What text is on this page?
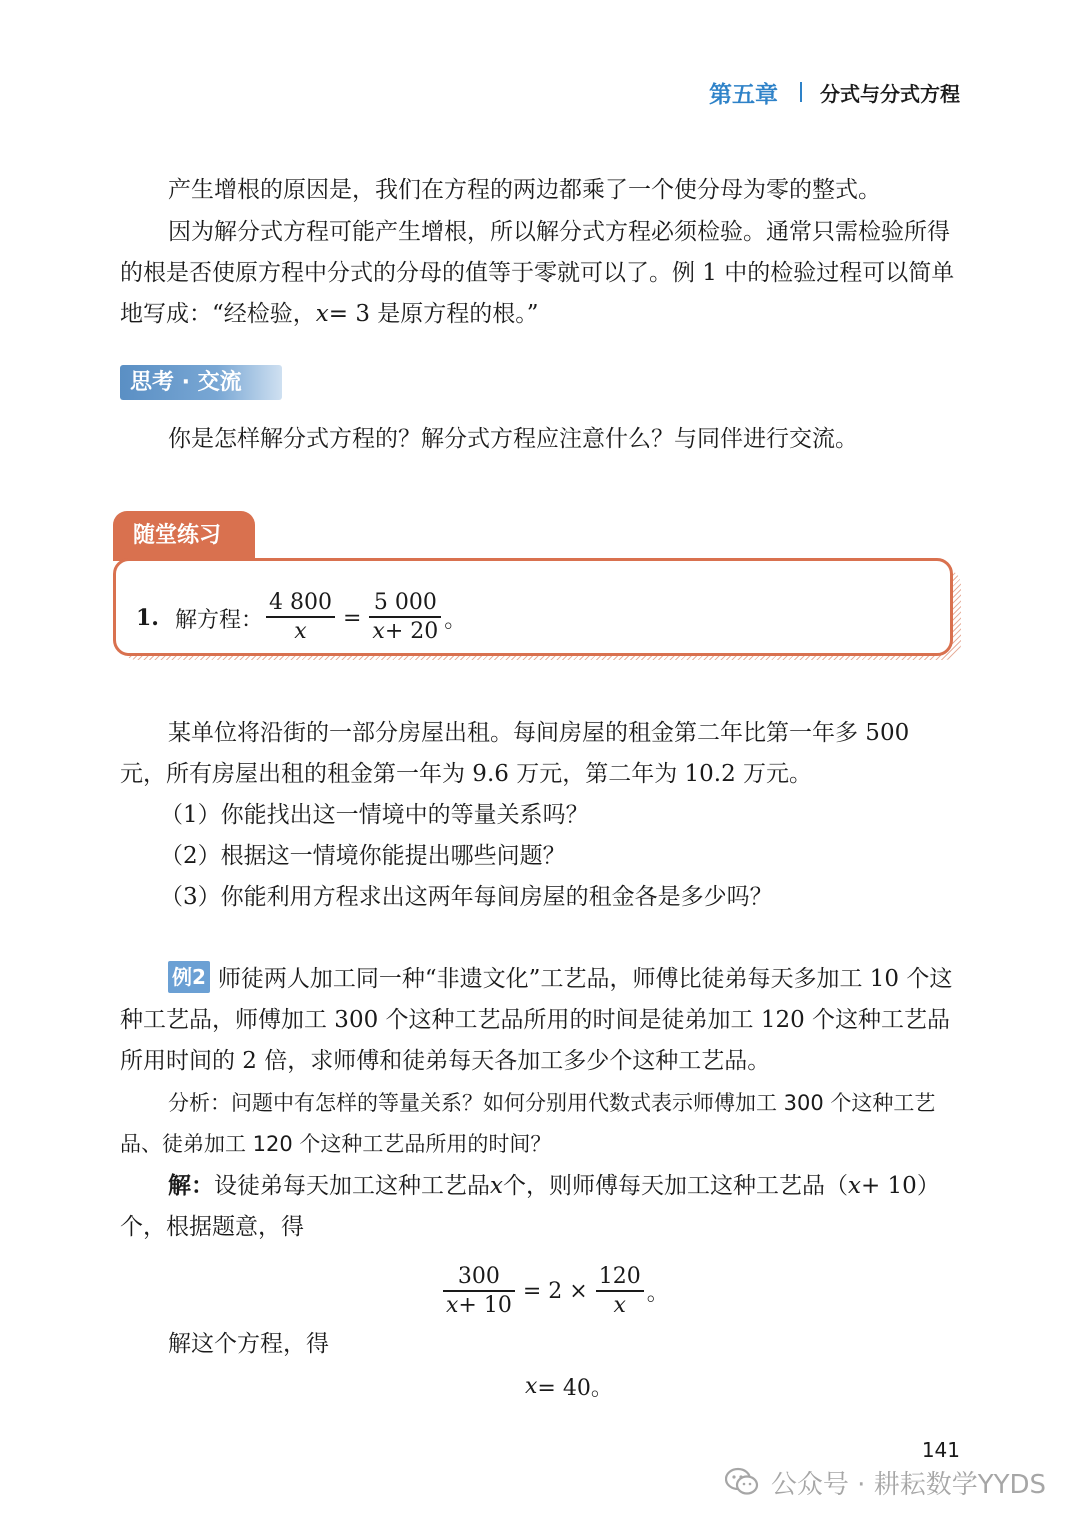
第五章 分式与分式方程

产生增根的原因是，我们在方程的两边都乘了一个使分母为零的整式。

因为解分式方程可能产生增根，所以解分式方程必须检验。通常只需检验所得的根是否使原方程中分式的分母的值等于零就可以了。例 1 中的检验过程可以简单地写成：“经检验，x= 3 是原方程的根。”

思考 · 交流

你是怎样解分式方程的？解分式方程应注意什么？与同伴进行交流。

随堂练习
1. 解方程： $\frac{4 800}{x} = \frac{5 000}{x+ 20}$ 。

某单位将沿街的一部分房屋出租。每间房屋的租金第二年比第一年多 500 元，所有房屋出租的租金第一年为 9.6 万元，第二年为 10.2 万元。

（1）你能找出这一情境中的等量关系吗？

（2）根据这一情境你能提出哪些问题？

（3）你能利用方程求出这两年每间房屋的租金各是多少吗？

例2 师徒两人加工同一种“非遗文化”工艺品，师傅比徒弟每天多加工 10 个这种工艺品，师傅加工 300 个这种工艺品所用的时间是徒弟加工 120 个这种工艺品所用时间的 2 倍，求师傅和徒弟每天各加工多少个这种工艺品。

分析：问题中有怎样的等量关系？如何分别用代数式表示师傅加工 300 个这种工艺品、徒弟加工 120 个这种工艺品所用的时间？

解：设徒弟每天加工这种工艺品x个，则师傅每天加工这种工艺品（x+ 10）个，根据题意，得

$\frac{300}{x+ 10} = 2 \times \frac{120}{x}$ 。

解这个方程，得

x = 40。
141
公众号 · 耕耘数学YYDS
